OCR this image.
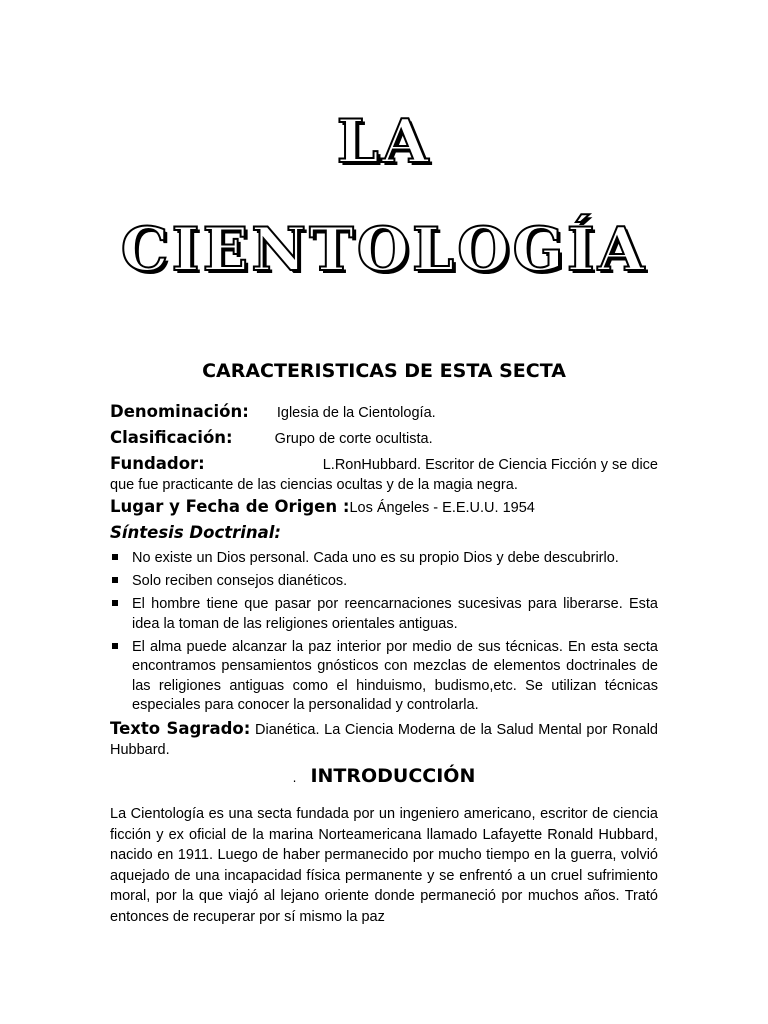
LA
CIENTOLOGÍA
CARACTERISTICAS DE ESTA SECTA
Denominación: Iglesia de la Cientología.
Clasificación:	Grupo de corte ocultista.
Fundador:	L.RonHubbard. Escritor de Ciencia Ficción y se dice
que fue practicante de las ciencias ocultas y de la magia negra.
Lugar y Fecha de Origen :Los Ángeles - E.E.U.U. 1954
Síntesis Doctrinal:
No existe un Dios personal. Cada uno es su propio Dios y debe descubrirlo.
Solo reciben consejos dianéticos.
El hombre tiene que pasar por reencarnaciones sucesivas para liberarse. Esta idea la toman de las religiones orientales antiguas.
El alma puede alcanzar la paz interior por medio de sus técnicas. En esta secta encontramos pensamientos gnósticos con mezclas de elementos doctrinales de las religiones antiguas como el hinduismo, budismo,etc. Se utilizan técnicas especiales para conocer la personalidad y controlarla.
Texto Sagrado: Dianética. La Ciencia Moderna de la Salud Mental por Ronald Hubbard.
. INTRODUCCIÓN

La Cientología es una secta fundada por un ingeniero americano, escritor de ciencia ficción y ex oficial de la marina Norteamericana llamado Lafayette Ronald Hubbard, nacido en 1911. Luego de haber permanecido por mucho tiempo en la guerra, volvió aquejado de una incapacidad física permanente y se enfrentó a un cruel sufrimiento moral, por la que viajó al lejano oriente donde permaneció por muchos años. Trató entonces de recuperar por sí mismo la paz
